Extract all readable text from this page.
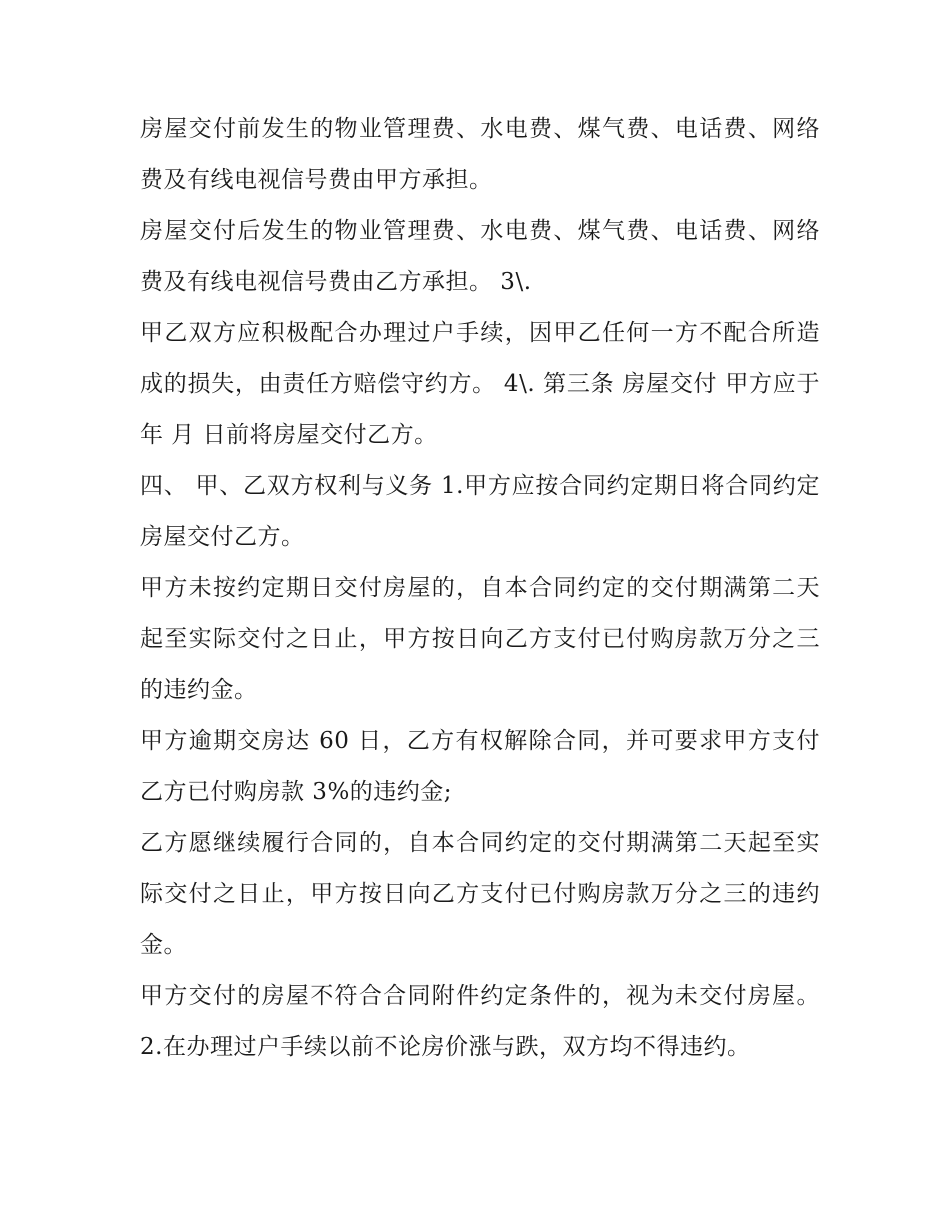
房屋交付前发生的物业管理费、水电费、煤气费、电话费、网络费及有线电视信号费由甲方承担。

房屋交付后发生的物业管理费、水电费、煤气费、电话费、网络费及有线电视信号费由乙方承担。 3\.

甲乙双方应积极配合办理过户手续，因甲乙任何一方不配合所造成的损失，由责任方赔偿守约方。 4\. 第三条 房屋交付 甲方应于 年 月 日前将房屋交付乙方。

四、 甲、乙双方权利与义务 1.甲方应按合同约定期日将合同约定房屋交付乙方。

甲方未按约定期日交付房屋的，自本合同约定的交付期满第二天起至实际交付之日止，甲方按日向乙方支付已付购房款万分之三的违约金。

甲方逾期交房达 60 日，乙方有权解除合同，并可要求甲方支付乙方已付购房款 3%的违约金;

乙方愿继续履行合同的，自本合同约定的交付期满第二天起至实际交付之日止，甲方按日向乙方支付已付购房款万分之三的违约金。

甲方交付的房屋不符合合同附件约定条件的，视为未交付房屋。 2.在办理过户手续以前不论房价涨与跌，双方均不得违约。
